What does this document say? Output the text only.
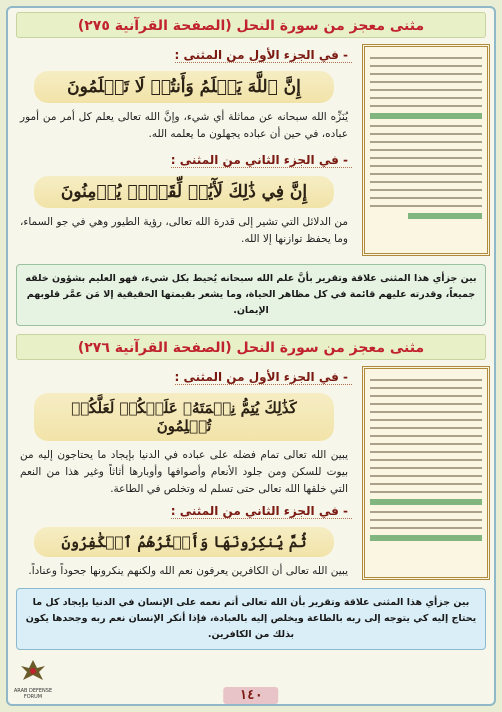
مثنى معجز من سورة النحل (الصفحة القرآنية ٢٧٥)
- في الجزء الأول من المثنى :
إِنَّ ٱللَّهَ يَعۡلَمُ وَأَنتُمۡ لَا تَعۡلَمُونَ
يُنَزِّه الله سبحانه عن مماثلة أي شيء، وإنَّ الله تعالى يعلم كل أمر من أمور عباده، في حين أن عباده يجهلون ما يعلمه الله.
- في الجزء الثاني من المثنى :
إِنَّ فِي ذَٰلِكَ لَأٓيَٰتٖ لِّقَوۡمٖ يُؤۡمِنُونَ
من الدلائل التي تشير إلى قدرة الله تعالى، رؤية الطيور وهي في جو السماء، وما يحفظ توازنها إلا الله.
بين جزأي هذا المثنى علاقة وتقرير بأنَّ علم الله سبحانه يُحيط بكل شيء، فهو العليم بشؤون خلقه جميعاً، وقدرته عليهم قائمة في كل مظاهر الحياة، وما يشعر بقيمتها الحقيقية إلا مَن عمَّر قلوبهم الإيمان.
مثنى معجز من سورة النحل (الصفحة القرآنية ٢٧٦)
- في الجزء الأول من المثنى :
كَذَٰلِكَ يُتِمُّ نِعۡمَتَهُۥ عَلَيۡكُمۡ لَعَلَّكُمۡ تُسۡلِمُونَ
يبين الله تعالى تمام فضله على عباده في الدنيا بإيجاد ما يحتاجون إليه من بيوت للسكن ومن جلود الأنعام وأصوافها وأوبارها أثاثاً وغير هذا من النعم التي خلقها الله تعالى حتى تسلم له وتخلص في الطاعة.
- في الجزء الثاني من المثنى :
ثُمَّ يُنكِرُونَهَا وَأَكۡثَرُهُمُ ٱلۡكَٰفِرُونَ
يبين الله تعالى أن الكافرين يعرفون نعم الله ولكنهم ينكرونها جحوداً وعناداً.
بين جزأي هذا المثنى علاقة وتقرير بأن الله تعالى أتم نعمه على الإنسان في الدنيا بإيجاد كل ما يحتاج إليه كي يتوجه إلى ربه بالطاعة ويخلص إليه بالعبادة، فإذا أنكر الإنسان نعم ربه وجحدها يكون بذلك من الكافرين.
١٤٠
ARAB DEFENSE FORUM
